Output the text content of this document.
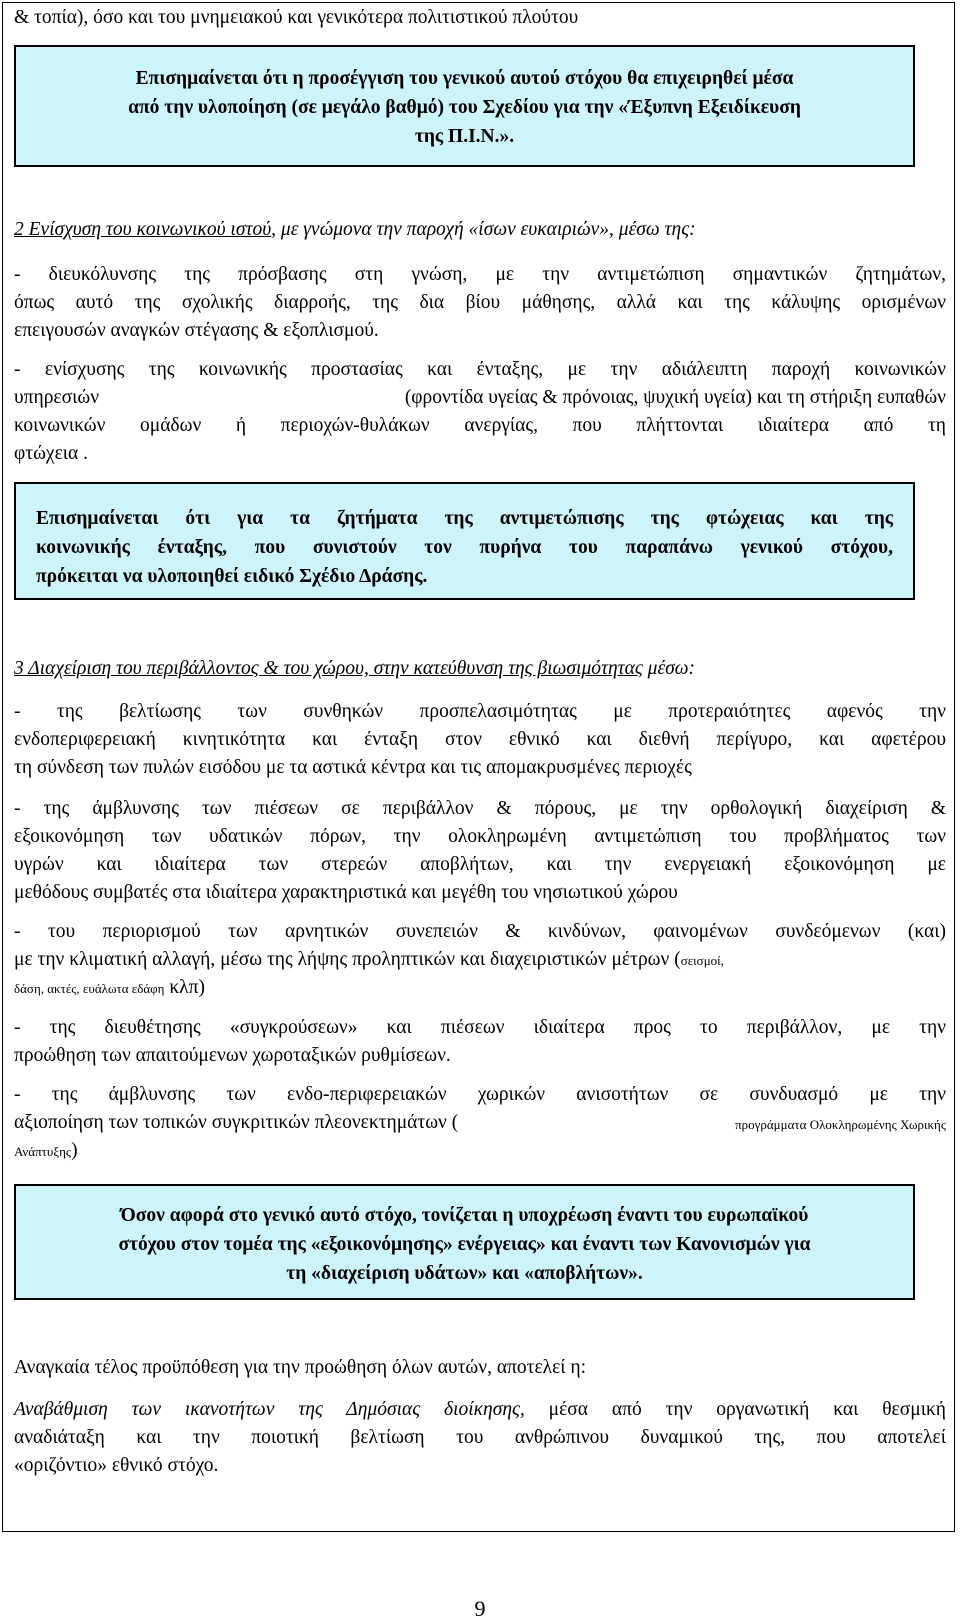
& τοπία), όσο και του μνημειακού και γενικότερα πολιτιστικού πλούτου

Επισημαίνεται ότι η προσέγγιση του γενικού αυτού στόχου θα επιχειρηθεί μέσα

από την υλοποίηση (σε μεγάλο βαθμό) του Σχεδίου για την «Έξυπνη Εξειδίκευση

της Π.Ι.Ν.».

2 Ενίσχυση του κοινωνικού ιστού, με γνώμονα την παροχή «ίσων ευκαιριών», μέσω της:
- διευκόλυνσης της πρόσβασης στη γνώση, με την αντιμετώπιση σημαντικών ζητημάτων,
όπως αυτό της σχολικής διαρροής, της δια βίου μάθησης, αλλά και της κάλυψης ορισμένων
επειγουσών αναγκών στέγασης & εξοπλισμού.
- ενίσχυσης της κοινωνικής προστασίας και ένταξης, με την αδιάλειπτη παροχή κοινωνικών
υπηρεσιών	(φροντίδα υγείας & πρόνοιας, ψυχική υγεία) και τη στήριξη ευπαθών
κοινωνικών ομάδων ή περιοχών-θυλάκων ανεργίας, που πλήττονται ιδιαίτερα από τη
φτώχεια .

Επισημαίνεται ότι για τα ζητήματα της αντιμετώπισης της φτώχειας και της

κοινωνικής ένταξης, που συνιστούν τον πυρήνα του παραπάνω γενικού στόχου,

πρόκειται να υλοποιηθεί ειδικό Σχέδιο Δράσης.

3 Διαχείριση του περιβάλλοντος & του χώρου, στην κατεύθυνση της βιωσιμότητας μέσω:
- της βελτίωσης των συνθηκών προσπελασιμότητας με προτεραιότητες αφενός την
ενδοπεριφερειακή κινητικότητα και ένταξη στον εθνικό και διεθνή περίγυρο, και αφετέρου
τη σύνδεση των πυλών εισόδου με τα αστικά κέντρα και τις απομακρυσμένες περιοχές
- της άμβλυνσης των πιέσεων σε περιβάλλον & πόρους, με την ορθολογική διαχείριση &
εξοικονόμηση των υδατικών πόρων, την ολοκληρωμένη αντιμετώπιση του προβλήματος των
υγρών και ιδιαίτερα των στερεών αποβλήτων, και την ενεργειακή εξοικονόμηση με
μεθόδους συμβατές στα ιδιαίτερα χαρακτηριστικά και μεγέθη του νησιωτικού χώρου
- του περιορισμού των αρνητικών συνεπειών & κινδύνων, φαινομένων συνδεόμενων (και)
με την κλιματική αλλαγή, μέσω της λήψης προληπτικών και διαχειριστικών μέτρων (σεισμοί,
δάση, ακτές, ευάλωτα εδάφη κλπ)
- της διευθέτησης «συγκρούσεων» και πιέσεων ιδιαίτερα προς το περιβάλλον, με την
προώθηση των απαιτούμενων χωροταξικών ρυθμίσεων.
- της άμβλυνσης των ενδο-περιφερειακών χωρικών ανισοτήτων σε συνδυασμό με την
αξιοποίηση των τοπικών συγκριτικών πλεονεκτημάτων (	προγράμματα Ολοκληρωμένης Χωρικής
Ανάπτυξης)

Όσον αφορά στο γενικό αυτό στόχο, τονίζεται η υποχρέωση έναντι του ευρωπαϊκού

στόχου στον τομέα της «εξοικονόμησης» ενέργειας» και έναντι των Κανονισμών για

τη «διαχείριση υδάτων» και «αποβλήτων».

Αναγκαία τέλος προϋπόθεση για την προώθηση όλων αυτών, αποτελεί η:
Αναβάθμιση των ικανοτήτων της Δημόσιας διοίκησης, μέσα από την οργανωτική και θεσμική
αναδιάταξη και την ποιοτική βελτίωση του ανθρώπινου δυναμικού της, που αποτελεί
«οριζόντιο» εθνικό στόχο.
9
